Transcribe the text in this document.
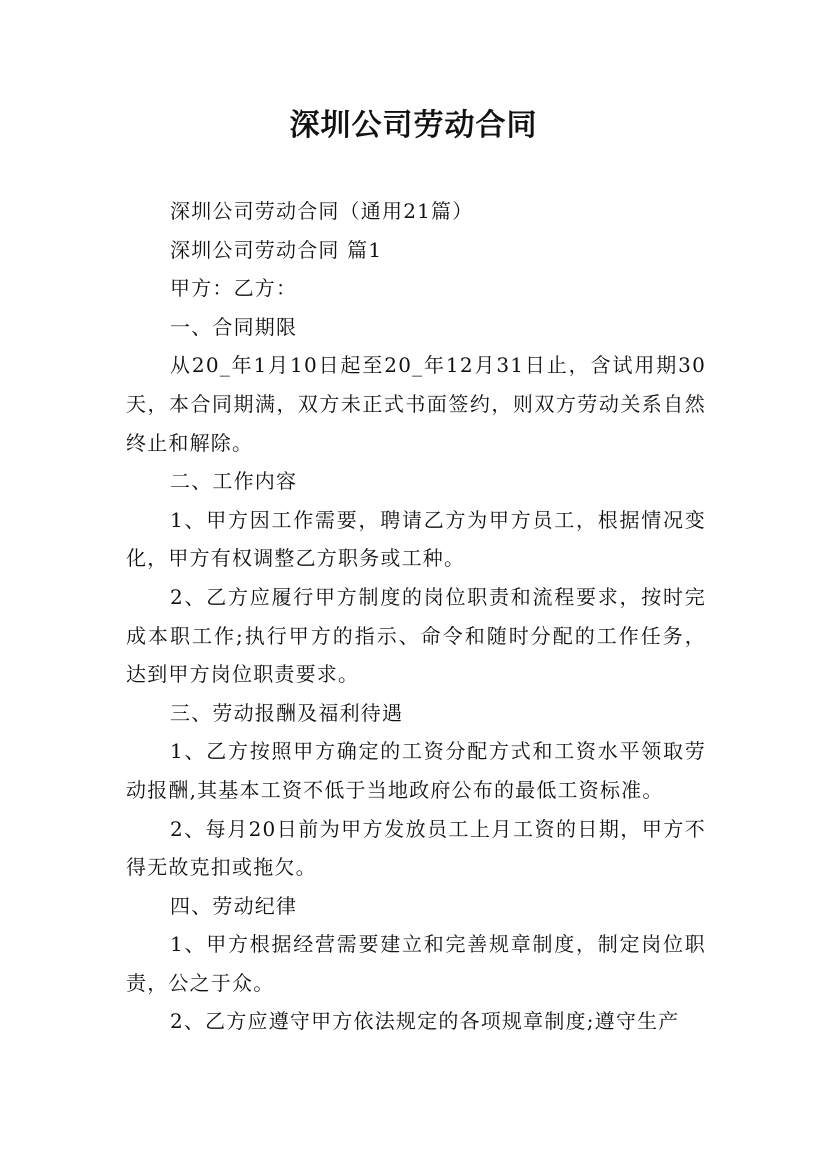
深圳公司劳动合同

深圳公司劳动合同（通用21篇）

深圳公司劳动合同 篇1

甲方：乙方：

一、合同期限

从20_年1月10日起至20_年12月31日止，含试用期30天，本合同期满，双方未正式书面签约，则双方劳动关系自然终止和解除。

二、工作内容

1、甲方因工作需要，聘请乙方为甲方员工，根据情况变化，甲方有权调整乙方职务或工种。

2、乙方应履行甲方制度的岗位职责和流程要求，按时完成本职工作;执行甲方的指示、命令和随时分配的工作任务，达到甲方岗位职责要求。

三、劳动报酬及福利待遇

1、乙方按照甲方确定的工资分配方式和工资水平领取劳动报酬,其基本工资不低于当地政府公布的最低工资标准。

2、每月20日前为甲方发放员工上月工资的日期，甲方不得无故克扣或拖欠。

四、劳动纪律

1、甲方根据经营需要建立和完善规章制度，制定岗位职责，公之于众。

2、乙方应遵守甲方依法规定的各项规章制度;遵守生产
